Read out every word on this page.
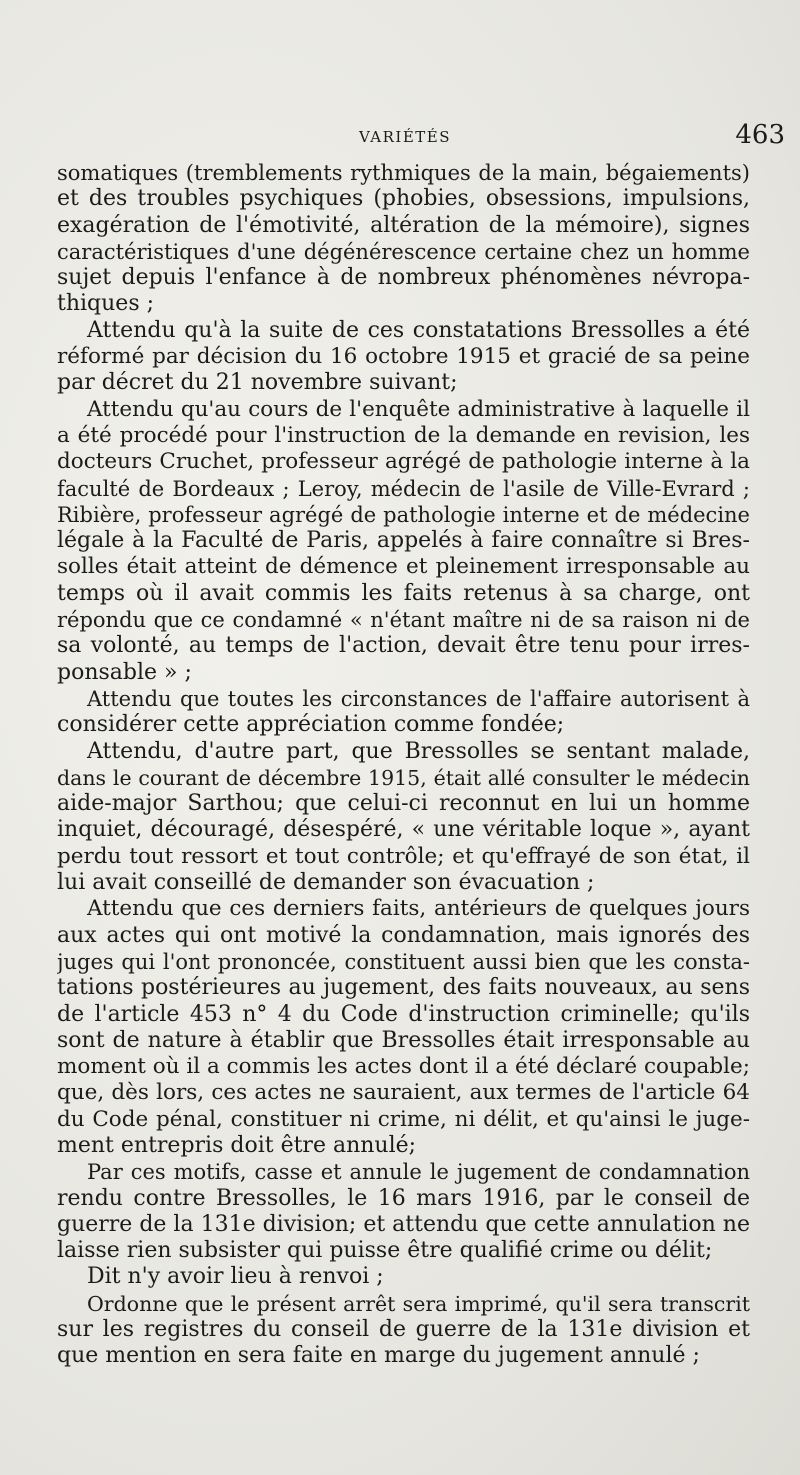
VARIÉTÉS	463
somatiques (tremblements rythmiques de la main, bégaiements)
et des troubles psychiques (phobies, obsessions, impulsions,
exagération de l'émotivité, altération de la mémoire), signes
caractéristiques d'une dégénérescence certaine chez un homme
sujet depuis l'enfance à de nombreux phénomènes névropa-
thiques ;
Attendu qu'à la suite de ces constatations Bressolles a été
réformé par décision du 16 octobre 1915 et gracié de sa peine
par décret du 21 novembre suivant;
Attendu qu'au cours de l'enquête administrative à laquelle il
a été procédé pour l'instruction de la demande en revision, les
docteurs Cruchet, professeur agrégé de pathologie interne à la
faculté de Bordeaux ; Leroy, médecin de l'asile de Ville-Evrard ;
Ribière, professeur agrégé de pathologie interne et de médecine
légale à la Faculté de Paris, appelés à faire connaître si Bres-
solles était atteint de démence et pleinement irresponsable au
temps où il avait commis les faits retenus à sa charge, ont
répondu que ce condamné « n'étant maître ni de sa raison ni de
sa volonté, au temps de l'action, devait être tenu pour irres-
ponsable » ;
Attendu que toutes les circonstances de l'affaire autorisent à
considérer cette appréciation comme fondée;
Attendu, d'autre part, que Bressolles se sentant malade,
dans le courant de décembre 1915, était allé consulter le médecin
aide-major Sarthou; que celui-ci reconnut en lui un homme
inquiet, découragé, désespéré, « une véritable loque », ayant
perdu tout ressort et tout contrôle; et qu'effrayé de son état, il
lui avait conseillé de demander son évacuation ;
Attendu que ces derniers faits, antérieurs de quelques jours
aux actes qui ont motivé la condamnation, mais ignorés des
juges qui l'ont prononcée, constituent aussi bien que les consta-
tations postérieures au jugement, des faits nouveaux, au sens
de l'article 453 n° 4 du Code d'instruction criminelle; qu'ils
sont de nature à établir que Bressolles était irresponsable au
moment où il a commis les actes dont il a été déclaré coupable;
que, dès lors, ces actes ne sauraient, aux termes de l'article 64
du Code pénal, constituer ni crime, ni délit, et qu'ainsi le juge-
ment entrepris doit être annulé;
Par ces motifs, casse et annule le jugement de condamnation
rendu contre Bressolles, le 16 mars 1916, par le conseil de
guerre de la 131e division; et attendu que cette annulation ne
laisse rien subsister qui puisse être qualifié crime ou délit;
Dit n'y avoir lieu à renvoi ;
Ordonne que le présent arrêt sera imprimé, qu'il sera transcrit
sur les registres du conseil de guerre de la 131e division et
que mention en sera faite en marge du jugement annulé ;
